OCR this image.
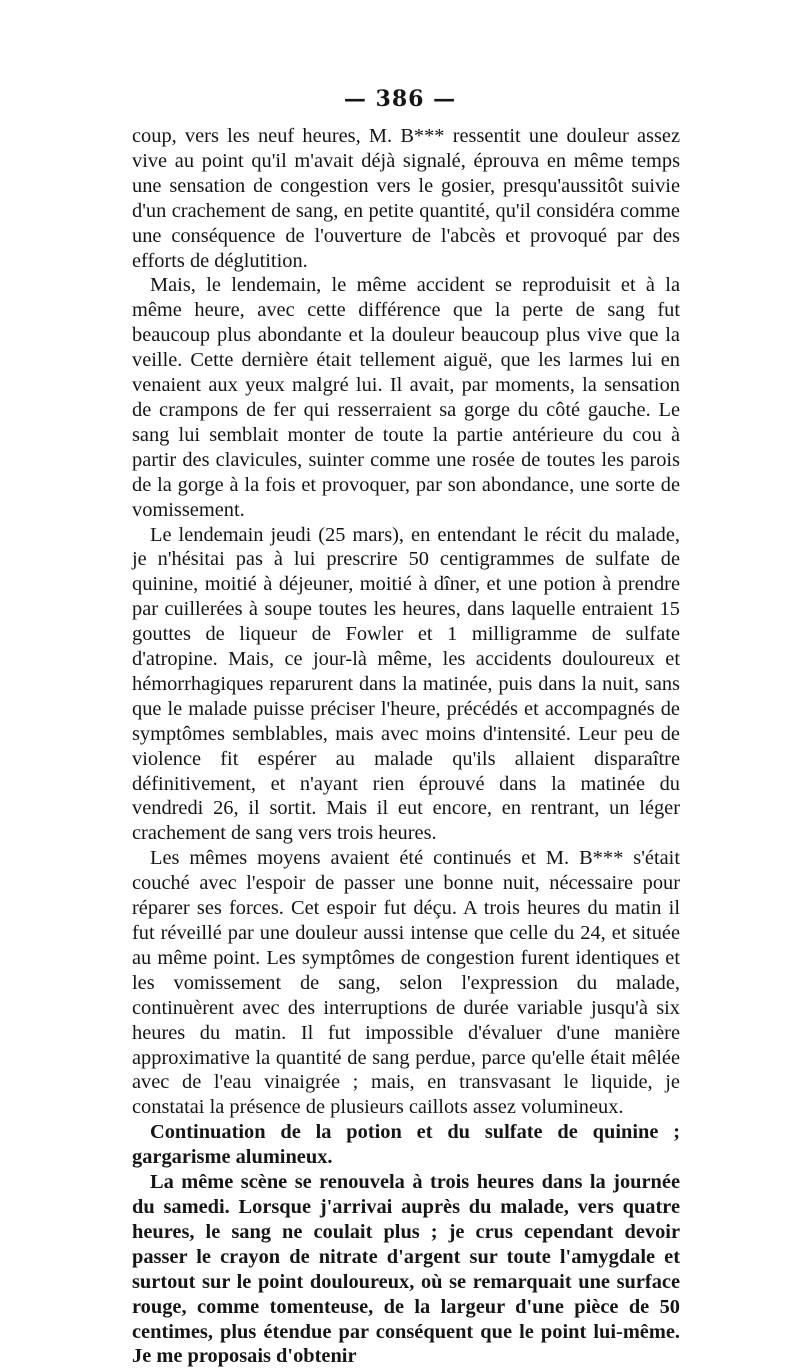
— 386 —

coup, vers les neuf heures, M. B*** ressentit une douleur assez vive au point qu'il m'avait déjà signalé, éprouva en même temps une sensation de congestion vers le gosier, presqu'aussitôt suivie d'un crachement de sang, en petite quantité, qu'il considéra comme une conséquence de l'ouverture de l'abcès et provoqué par des efforts de déglutition.

Mais, le lendemain, le même accident se reproduisit et à la même heure, avec cette différence que la perte de sang fut beaucoup plus abondante et la douleur beaucoup plus vive que la veille. Cette dernière était tellement aiguë, que les larmes lui en venaient aux yeux malgré lui. Il avait, par moments, la sensation de crampons de fer qui resserraient sa gorge du côté gauche. Le sang lui semblait monter de toute la partie antérieure du cou à partir des clavicules, suinter comme une rosée de toutes les parois de la gorge à la fois et provoquer, par son abondance, une sorte de vomissement.

Le lendemain jeudi (25 mars), en entendant le récit du malade, je n'hésitai pas à lui prescrire 50 centigrammes de sulfate de quinine, moitié à déjeuner, moitié à dîner, et une potion à prendre par cuillerées à soupe toutes les heures, dans laquelle entraient 15 gouttes de liqueur de Fowler et 1 milligramme de sulfate d'atropine. Mais, ce jour-là même, les accidents douloureux et hémorrhagiques reparurent dans la matinée, puis dans la nuit, sans que le malade puisse préciser l'heure, précédés et accompagnés de symptômes semblables, mais avec moins d'intensité. Leur peu de violence fit espérer au malade qu'ils allaient disparaître définitivement, et n'ayant rien éprouvé dans la matinée du vendredi 26, il sortit. Mais il eut encore, en rentrant, un léger crachement de sang vers trois heures.

Les mêmes moyens avaient été continués et M. B*** s'était couché avec l'espoir de passer une bonne nuit, nécessaire pour réparer ses forces. Cet espoir fut déçu. A trois heures du matin il fut réveillé par une douleur aussi intense que celle du 24, et située au même point. Les symptômes de congestion furent identiques et les vomissement de sang, selon l'expression du malade, continuèrent avec des interruptions de durée variable jusqu'à six heures du matin. Il fut impossible d'évaluer d'une manière approximative la quantité de sang perdue, parce qu'elle était mêlée avec de l'eau vinaigrée ; mais, en transvasant le liquide, je constatai la présence de plusieurs caillots assez volumineux.

Continuation de la potion et du sulfate de quinine ; gargarisme alumineux.

La même scène se renouvela à trois heures dans la journée du samedi. Lorsque j'arrivai auprès du malade, vers quatre heures, le sang ne coulait plus ; je crus cependant devoir passer le crayon de nitrate d'argent sur toute l'amygdale et surtout sur le point douloureux, où se remarquait une surface rouge, comme tomenteuse, de la largeur d'une pièce de 50 centimes, plus étendue par conséquent que le point lui-même. Je me proposais d'obtenir
